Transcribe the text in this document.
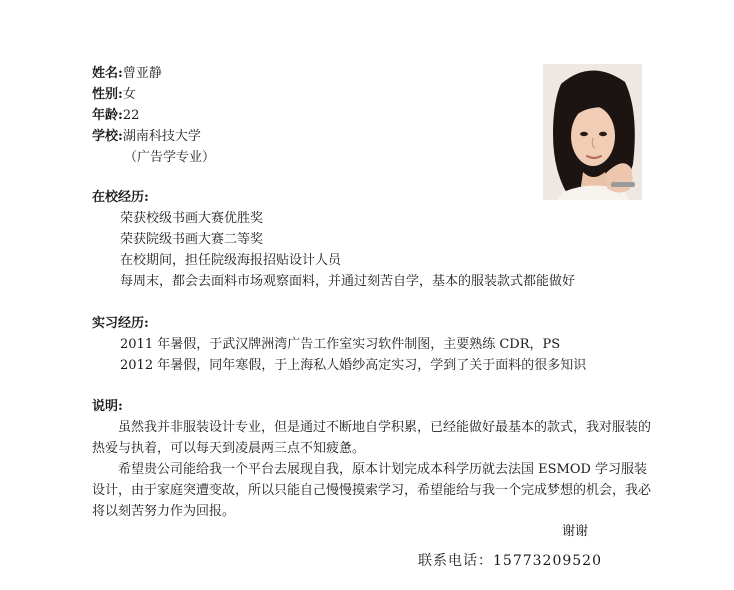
姓名:曾亚静
性别:女
年龄:22
学校:湖南科技大学
（广告学专业）
在校经历:
荣获校级书画大赛优胜奖
荣获院级书画大赛二等奖
在校期间，担任院级海报招贴设计人员
每周末，都会去面料市场观察面料，并通过刻苦自学，基本的服装款式都能做好
实习经历:
2011 年暑假，于武汉牌洲湾广告工作室实习软件制图，主要熟练 CDR，PS
2012 年暑假，同年寒假，于上海私人婚纱高定实习，学到了关于面料的很多知识
说明:
虽然我并非服装设计专业，但是通过不断地自学积累，已经能做好最基本的款式，我对服装的热爱与执着，可以每天到凌晨两三点不知疲惫。
希望贵公司能给我一个平台去展现自我，原本计划完成本科学历就去法国 ESMOD 学习服装设计，由于家庭突遭变故，所以只能自己慢慢摸索学习，希望能给与我一个完成梦想的机会，我必将以刻苦努力作为回报。
谢谢
联系电话：15773209520
